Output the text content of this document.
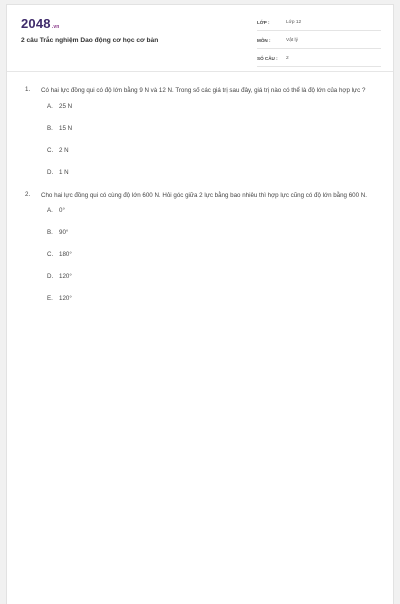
2048.vn
2 câu Trắc nghiệm Dao động cơ học cơ bản
LỚP :	Lớp 12
MÔN :	Vật lý
SỐ CÂU : 2
1. Có hai lực đồng qui có độ lớn bằng 9 N và 12 N. Trong số các giá trị sau đây, giá trị nào có thể là độ lớn của hợp lực ?
A. 25 N
B. 15 N
C. 2 N
D. 1 N
2. Cho hai lực đồng qui có cùng độ lớn 600 N. Hỏi góc giữa 2 lực bằng bao nhiêu thì hợp lực cũng có độ lớn bằng 600 N.
A. 0°
B. 90°
C. 180°
D. 120°
E. 120°
